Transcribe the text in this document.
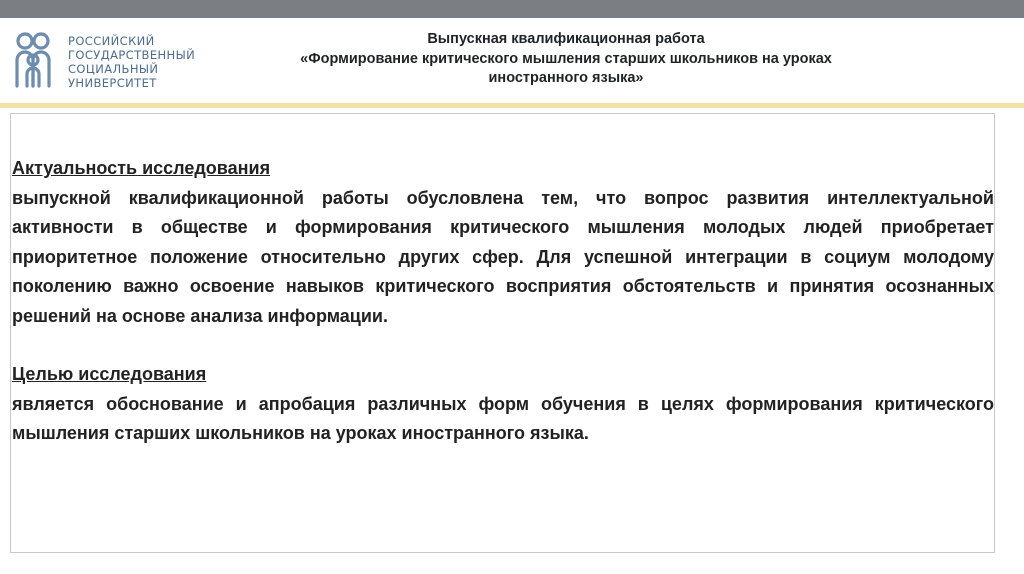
РОССИЙСКИЙ
ГОСУДАРСТВЕННЫЙ
СОЦИАЛЬНЫЙ
УНИВЕРСИТЕТ
Выпускная квалификационная работа
«Формирование критического мышления старших школьников на уроках
иностранного языка»
Актуальность исследования
выпускной квалификационной работы обусловлена тем, что вопрос развития интеллектуальной активности в обществе и формирования критического мышления молодых людей приобретает приоритетное положение относительно других сфер. Для успешной интеграции в социум молодому поколению важно освоение навыков критического восприятия обстоятельств и принятия осознанных решений на основе анализа информации.
Целью исследования
является обоснование и апробация различных форм обучения в целях формирования критического мышления старших школьников на уроках иностранного языка.
